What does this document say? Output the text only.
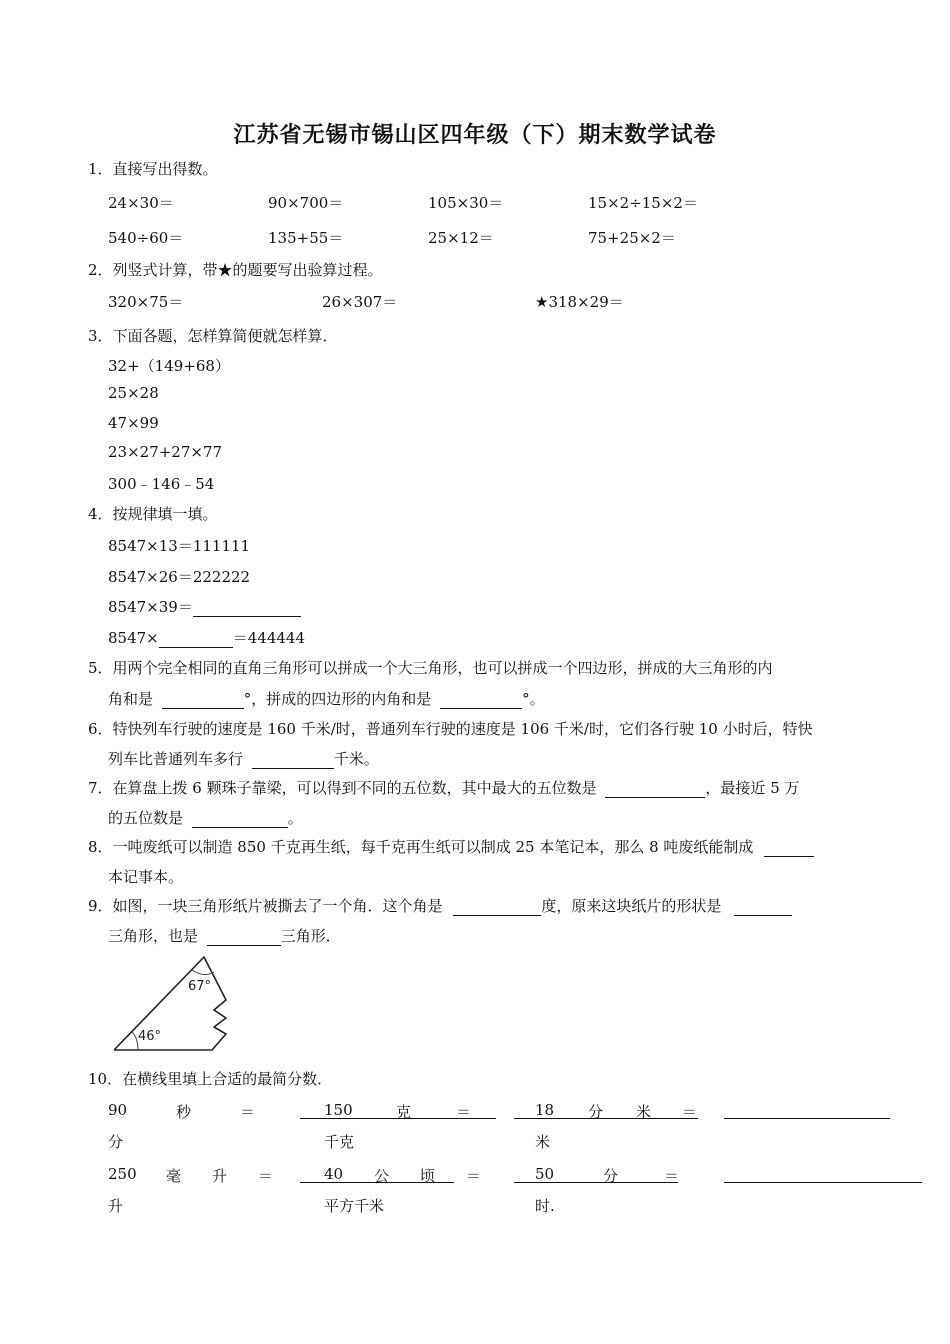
江苏省无锡市锡山区四年级（下）期末数学试卷
1．直接写出得数。
24×30＝	90×700＝	105×30＝	15×2÷15×2＝
540÷60＝	135+55＝	25×12＝	75+25×2＝
2．列竖式计算，带★的题要写出验算过程。
320×75＝	26×307＝	★318×29＝
3．下面各题，怎样算简便就怎样算．
32+（149+68）
25×28
47×99
23×27+27×77
300﹣146﹣54
4．按规律填一填。
8547×13＝111111
8547×26＝222222
8547×39＝
8547×	＝444444
5．用两个完全相同的直角三角形可以拼成一个大三角形，也可以拼成一个四边形，拼成的大三角形的内
角和是	°，拼成的四边形的内角和是	°。
6．特快列车行驶的速度是 160 千米/时，普通列车行驶的速度是 106 千米/时，它们各行驶 10 小时后，特快
列车比普通列车多行	千米。
7．在算盘上拨 6 颗珠子靠梁，可以得到不同的五位数，其中最大的五位数是	，最接近 5 万
的五位数是	。
8．一吨废纸可以制造 850 千克再生纸，每千克再生纸可以制成 25 本笔记本，那么 8 吨废纸能制成
本记事本。
9．如图，一块三角形纸片被撕去了一个角．这个角是	度，原来这块纸片的形状是
三角形，也是	三角形．
67°
46°
10．在横线里填上合适的最简分数．
90	秒	＝	150	克	＝	18 分 米 ＝
分	千克	米
250 毫 升 ＝	40 公 顷 ＝	50	分	＝
升	平方千米	时.
